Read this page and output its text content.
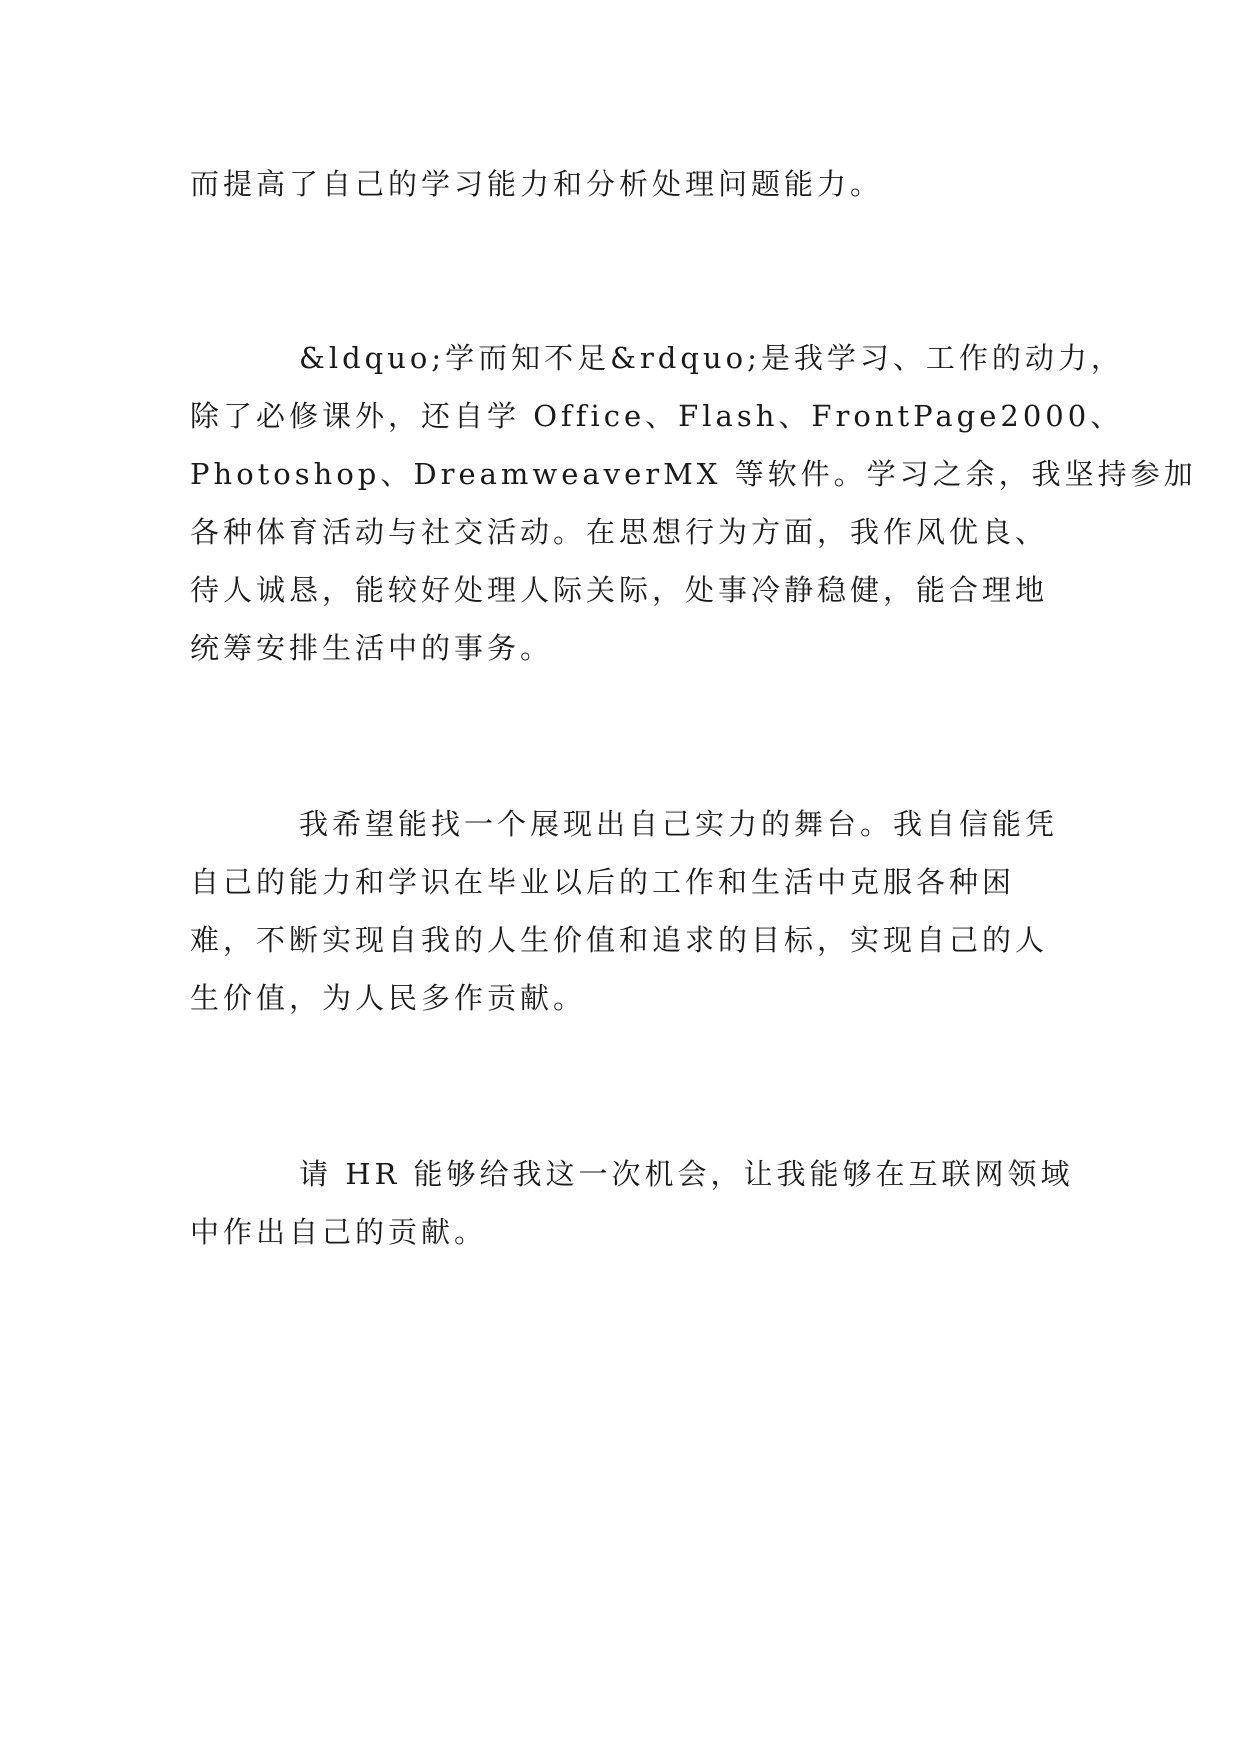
而提高了自己的学习能力和分析处理问题能力。

&ldquo;学而知不足&rdquo;是我学习、工作的动力，

除了必修课外，还自学 Office、Flash、FrontPage2000、

Photoshop、DreamweaverMX 等软件。学习之余，我坚持参加

各种体育活动与社交活动。在思想行为方面，我作风优良、

待人诚恳，能较好处理人际关际，处事冷静稳健，能合理地

统筹安排生活中的事务。

我希望能找一个展现出自己实力的舞台。我自信能凭

自己的能力和学识在毕业以后的工作和生活中克服各种困

难，不断实现自我的人生价值和追求的目标，实现自己的人

生价值，为人民多作贡献。

请 HR 能够给我这一次机会，让我能够在互联网领域

中作出自己的贡献。
